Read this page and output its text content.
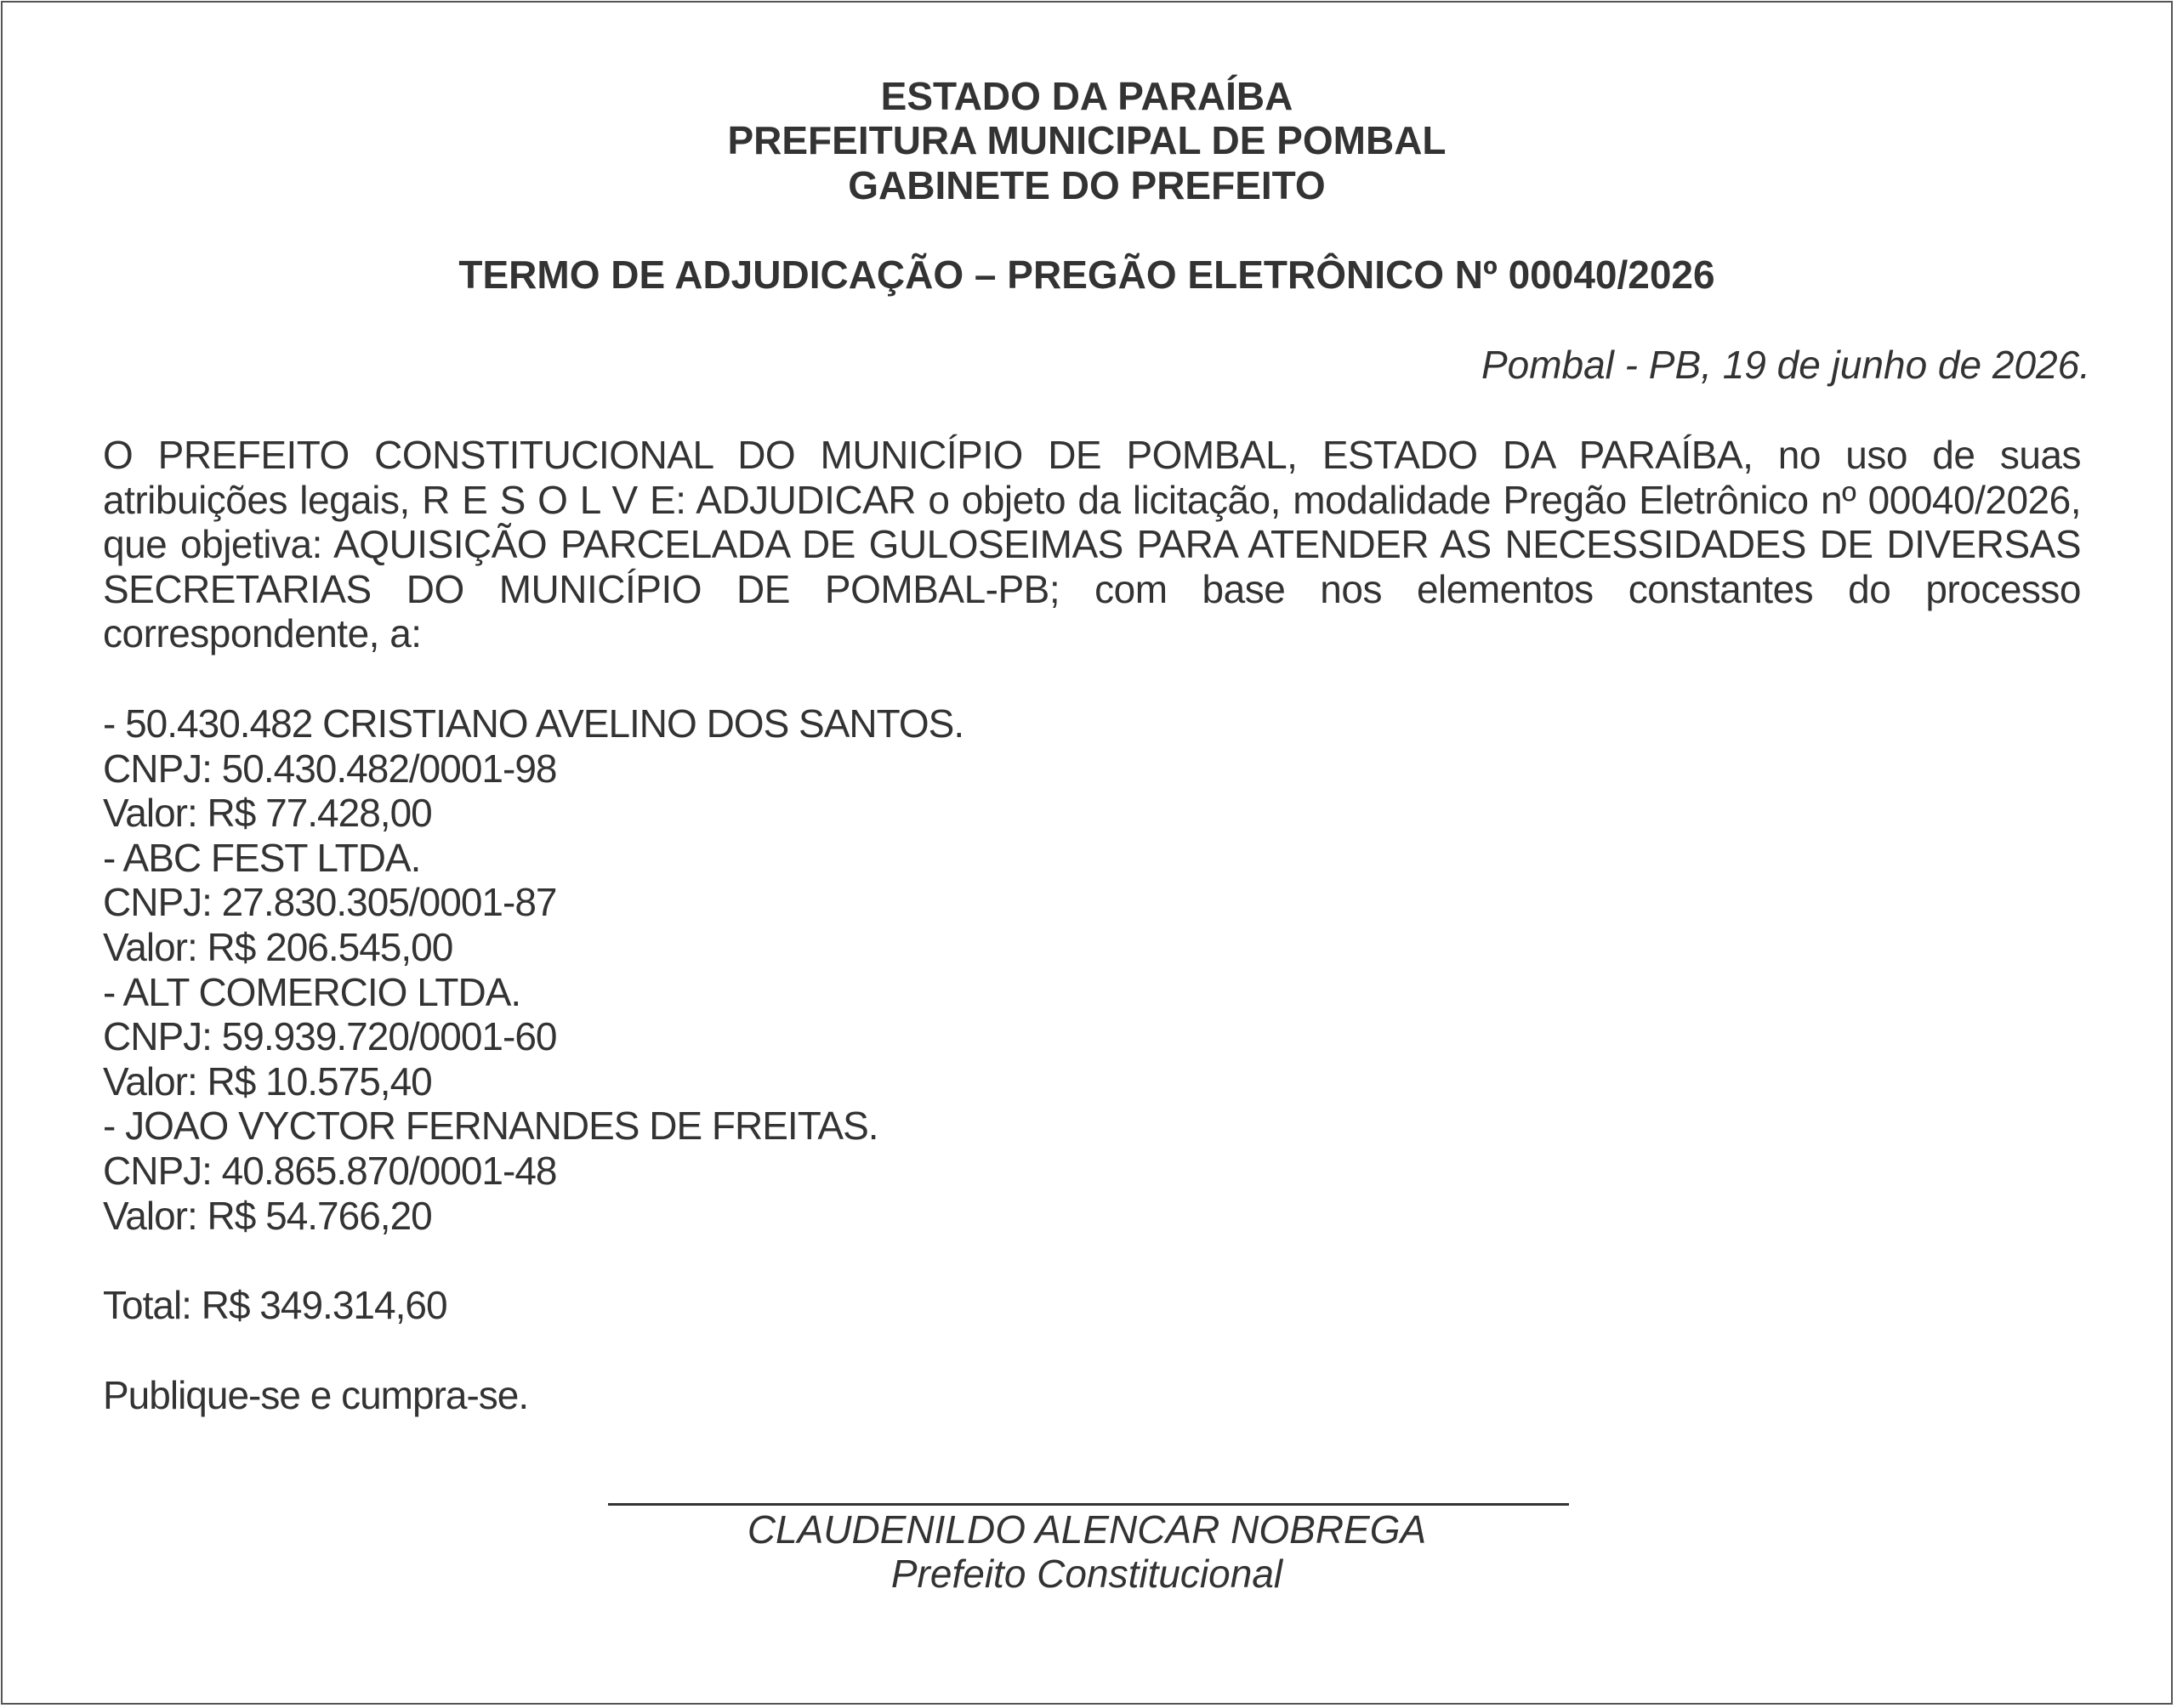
ESTADO DA PARAÍBA
PREFEITURA MUNICIPAL DE POMBAL
GABINETE DO PREFEITO
TERMO DE ADJUDICAÇÃO – PREGÃO ELETRÔNICO Nº 00040/2026
Pombal - PB, 19 de junho de 2026.
O PREFEITO CONSTITUCIONAL DO MUNICÍPIO DE POMBAL, ESTADO DA PARAÍBA, no uso de suas atribuições legais, R E S O L V E: ADJUDICAR o objeto da licitação, modalidade Pregão Eletrônico nº 00040/2026, que objetiva: AQUISIÇÃO PARCELADA DE GULOSEIMAS PARA ATENDER AS NECESSIDADES DE DIVERSAS SECRETARIAS DO MUNICÍPIO DE POMBAL-PB; com base nos elementos constantes do processo correspondente, a:
- 50.430.482 CRISTIANO AVELINO DOS SANTOS.
CNPJ: 50.430.482/0001-98
Valor: R$ 77.428,00
- ABC FEST LTDA.
CNPJ: 27.830.305/0001-87
Valor: R$ 206.545,00
- ALT COMERCIO LTDA.
CNPJ: 59.939.720/0001-60
Valor: R$ 10.575,40
- JOAO VYCTOR FERNANDES DE FREITAS.
CNPJ: 40.865.870/0001-48
Valor: R$ 54.766,20
Total: R$ 349.314,60
Publique-se e cumpra-se.
CLAUDENILDO ALENCAR NOBREGA
Prefeito Constitucional
